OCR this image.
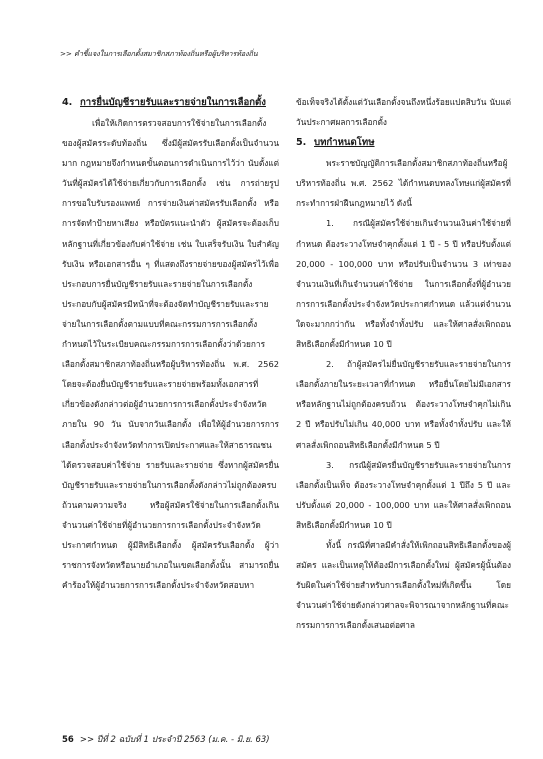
>> คำชี้แจงในการเลือกตั้งสมาชิกสภาท้องถิ่นหรือผู้บริหารท้องถิ่น
4. การยื่นบัญชีรายรับและรายจ่ายในการเลือกตั้ง

เพื่อให้เกิดการตรวจสอบการใช้จ่ายในการเลือกตั้งของผู้สมัครระดับท้องถิ่น ซึ่งมีผู้สมัครรับเลือกตั้งเป็นจำนวนมาก กฎหมายจึงกำหนดขั้นตอนการดำเนินการไว้ว่า นับตั้งแต่วันที่ผู้สมัครได้ใช้จ่ายเกี่ยวกับการเลือกตั้ง เช่น การถ่ายรูป การขอใบรับรองแพทย์ การจ่ายเงินค่าสมัครรับเลือกตั้ง หรือการจัดทำป้ายหาเสียง หรือบัตรแนะนำตัว ผู้สมัครจะต้องเก็บหลักฐานที่เกี่ยวข้องกับค่าใช้จ่าย เช่น ใบเสร็จรับเงิน ใบสำคัญรับเงิน หรือเอกสารอื่น ๆ ที่แสดงถึงรายจ่ายของผู้สมัครไว้เพื่อประกอบการยื่นบัญชีรายรับและรายจ่ายในการเลือกตั้ง ประกอบกับผู้สมัครมีหน้าที่จะต้องจัดทำบัญชีรายรับและรายจ่ายในการเลือกตั้งตามแบบที่คณะกรรมการการเลือกตั้งกำหนดไว้ในระเบียบคณะกรรมการการเลือกตั้งว่าด้วยการเลือกตั้งสมาชิกสภาท้องถิ่นหรือผู้บริหารท้องถิ่น พ.ศ. 2562 โดยจะต้องยื่นบัญชีรายรับและรายจ่ายพร้อมทั้งเอกสารที่เกี่ยวข้องดังกล่าวต่อผู้อำนวยการการเลือกตั้งประจำจังหวัด ภายใน 90 วัน นับจากวันเลือกตั้ง เพื่อให้ผู้อำนวยการการเลือกตั้งประจำจังหวัดทำการเปิดประกาศและให้สาธารณชนได้ตรวจสอบค่าใช้จ่าย รายรับและรายจ่าย ซึ่งหากผู้สมัครยื่นบัญชีรายรับและรายจ่ายในการเลือกตั้งดังกล่าวไม่ถูกต้องครบถ้วนตามความจริง หรือผู้สมัครใช้จ่ายในการเลือกตั้งเกินจำนวนค่าใช้จ่ายที่ผู้อำนวยการการเลือกตั้งประจำจังหวัดประกาศกำหนด ผู้มีสิทธิเลือกตั้ง ผู้สมัครรับเลือกตั้ง ผู้ว่าราชการจังหวัดหรือนายอำเภอในเขตเลือกตั้งนั้น สามารถยื่นคำร้องให้ผู้อำนวยการการเลือกตั้งประจำจังหวัดสอบหา

ข้อเท็จจริงได้ตั้งแต่วันเลือกตั้งจนถึงหนึ่งร้อยแปดสิบวัน นับแต่วันประกาศผลการเลือกตั้ง

5. บทกำหนดโทษ

พระราชบัญญัติการเลือกตั้งสมาชิกสภาท้องถิ่นหรือผู้บริหารท้องถิ่น พ.ศ. 2562 ได้กำหนดบทลงโทษแก่ผู้สมัครที่กระทำการฝ่าฝืนกฎหมายไว้ ดังนี้

1. กรณีผู้สมัครใช้จ่ายเกินจำนวนเงินค่าใช้จ่ายที่กำหนด ต้องระวางโทษจำคุกตั้งแต่ 1 ปี - 5 ปี หรือปรับตั้งแต่ 20,000 - 100,000 บาท หรือปรับเป็นจำนวน 3 เท่าของจำนวนเงินที่เกินจำนวนค่าใช้จ่าย ในการเลือกตั้งที่ผู้อำนวยการการเลือกตั้งประจำจังหวัดประกาศกำหนด แล้วแต่จำนวนใดจะมากกว่ากัน หรือทั้งจำทั้งปรับ และให้ศาลสั่งเพิกถอนสิทธิเลือกตั้งมีกำหนด 10 ปี

2. ถ้าผู้สมัครไม่ยื่นบัญชีรายรับและรายจ่ายในการเลือกตั้งภายในระยะเวลาที่กำหนด หรือยื่นโดยไม่มีเอกสารหรือหลักฐานไม่ถูกต้องครบถ้วน ต้องระวางโทษจำคุกไม่เกิน 2 ปี หรือปรับไม่เกิน 40,000 บาท หรือทั้งจำทั้งปรับ และให้ศาลสั่งเพิกถอนสิทธิเลือกตั้งมีกำหนด 5 ปี

3. กรณีผู้สมัครยื่นบัญชีรายรับและรายจ่ายในการเลือกตั้งเป็นเท็จ ต้องระวางโทษจำคุกตั้งแต่ 1 ปีถึง 5 ปี และปรับตั้งแต่ 20,000 - 100,000 บาท และให้ศาลสั่งเพิกถอนสิทธิเลือกตั้งมีกำหนด 10 ปี

ทั้งนี้ กรณีที่ศาลมีคำสั่งให้เพิกถอนสิทธิเลือกตั้งของผู้สมัคร และเป็นเหตุให้ต้องมีการเลือกตั้งใหม่ ผู้สมัครผู้นั้นต้องรับผิดในค่าใช้จ่ายสำหรับการเลือกตั้งใหม่ที่เกิดขึ้น โดยจำนวนค่าใช้จ่ายดังกล่าวศาลจะพิจารณาจากหลักฐานที่คณะกรรมการการเลือกตั้งเสนอต่อศาล

56 >> ปีที่ 2 ฉบับที่ 1 ประจำปี 2563 (ม.ค. - มิ.ย. 63)
